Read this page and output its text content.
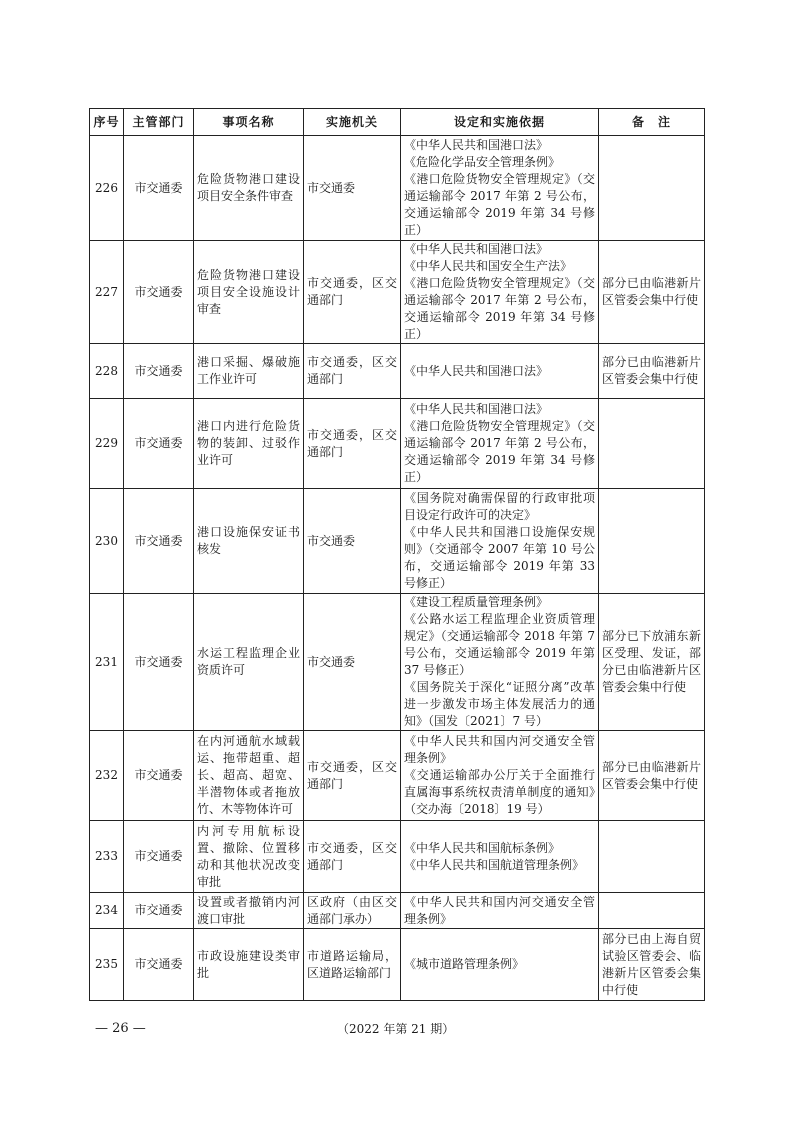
序号	主管部门	事项名称	实施机关	设定和实施依据	备　注
226	市交通委	危险货物港口建设项目安全条件审查	市交通委	《中华人民共和国港口法》
《危险化学品安全管理条例》
《港口危险货物安全管理规定》（交通运输部令 2017 年第 2 号公布，交通运输部令 2019 年第 34 号修正）	

227	市交通委	危险货物港口建设项目安全设施设计审查	市交通委，区交通部门	《中华人民共和国港口法》
《中华人民共和国安全生产法》
《港口危险货物安全管理规定》（交通运输部令 2017 年第 2 号公布，交通运输部令 2019 年第 34 号修正）	部分已由临港新片区管委会集中行使
228	市交通委	港口采掘、爆破施工作业许可	市交通委，区交通部门	《中华人民共和国港口法》	部分已由临港新片区管委会集中行使
229	市交通委	港口内进行危险货物的装卸、过驳作业许可	市交通委，区交通部门	《中华人民共和国港口法》
《港口危险货物安全管理规定》（交通运输部令 2017 年第 2 号公布，交通运输部令 2019 年第 34 号修正）	

230	市交通委	港口设施保安证书核发	市交通委	《国务院对确需保留的行政审批项目设定行政许可的决定》
《中华人民共和国港口设施保安规则》（交通部令 2007 年第 10 号公布，交通运输部令 2019 年第 33 号修正）	

231	市交通委	水运工程监理企业资质许可	市交通委	《建设工程质量管理条例》
《公路水运工程监理企业资质管理规定》（交通运输部令 2018 年第 7 号公布，交通运输部令 2019 年第 37 号修正）
《国务院关于深化“证照分离”改革进一步激发市场主体发展活力的通知》（国发〔2021〕7 号）	部分已下放浦东新区受理、发证，部分已由临港新片区管委会集中行使
232	市交通委	在内河通航水域载运、拖带超重、超长、超高、超宽、半潜物体或者拖放竹、木等物体许可	市交通委，区交通部门	《中华人民共和国内河交通安全管理条例》
《交通运输部办公厅关于全面推行直属海事系统权责清单制度的通知》（交办海〔2018〕19 号）	部分已由临港新片区管委会集中行使
233	市交通委	内河专用航标设置、撤除、位置移动和其他状况改变审批	市交通委，区交通部门	《中华人民共和国航标条例》
《中华人民共和国航道管理条例》	

234	市交通委	设置或者撤销内河渡口审批	区政府（由区交通部门承办）	《中华人民共和国内河交通安全管理条例》	

235	市交通委	市政设施建设类审批	市道路运输局，区道路运输部门	《城市道路管理条例》	部分已由上海自贸试验区管委会、临港新片区管委会集中行使
— 26 —	（2022 年第 21 期）
